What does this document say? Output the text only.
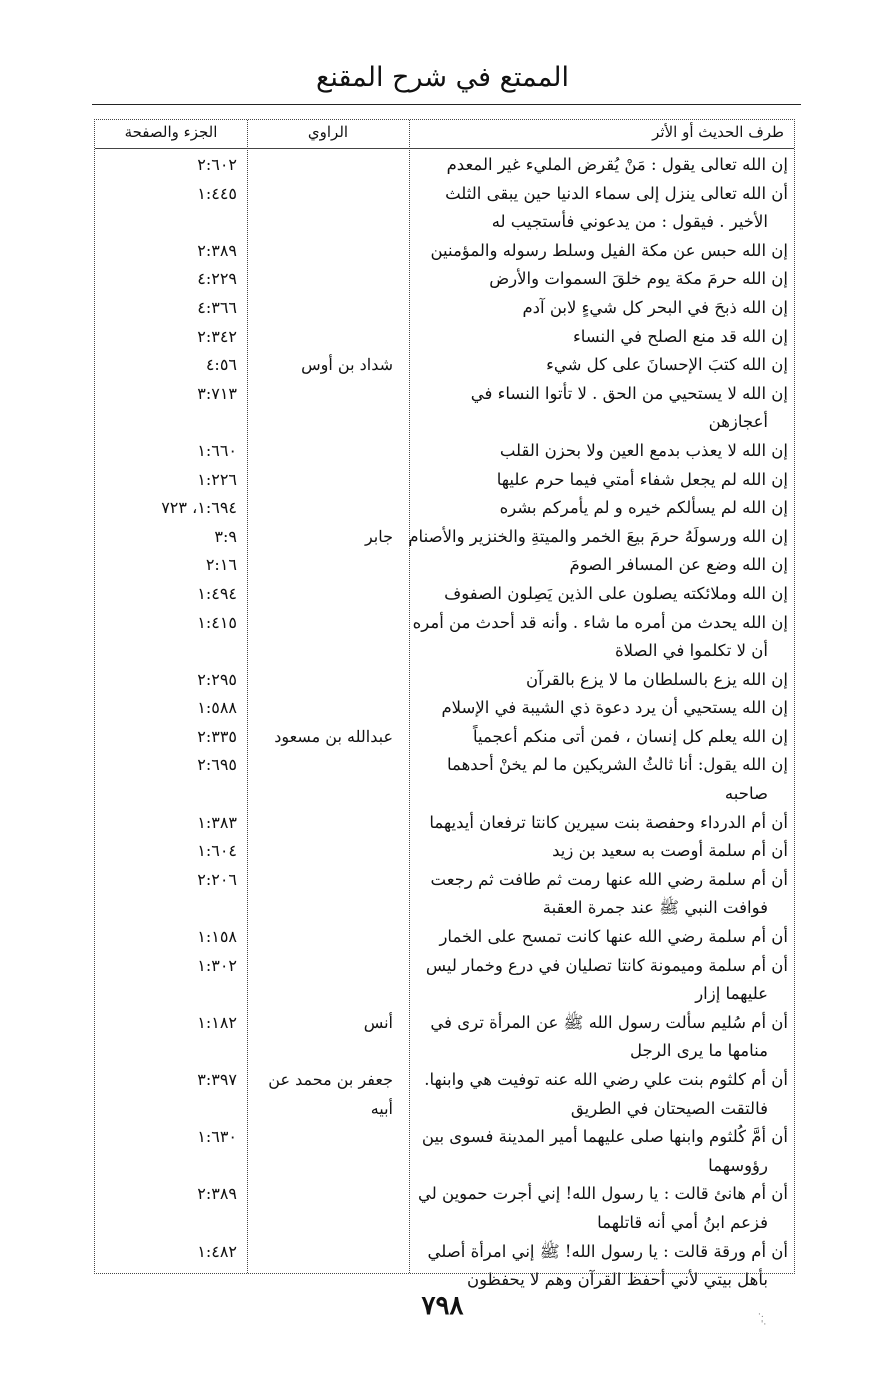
الممتع في شرح المقنع
طرف الحديث أو الأثر
الراوي
الجزء والصفحة
إن الله تعالى يقول : مَنْ يُقرض المليء غير المعدم
٢:٦٠٢
أن الله تعالى ينزل إلى سماء الدنيا حين يبقى الثلث
الأخير . فيقول : من يدعوني فأستجيب له
١:٤٤٥
إن الله حبس عن مكة الفيل وسلط رسوله والمؤمنين
٢:٣٨٩
إن الله حرمَ مكة يوم خلقَ السموات والأرض
٤:٢٢٩
إن الله ذبحَ في البحر كل شيءٍ لابن آدم
٤:٣٦٦
إن الله قد منع الصلح في النساء
٢:٣٤٢
إن الله كتبَ الإحسانَ على كل شيء
شداد بن أوس
٤:٥٦
إن الله لا يستحيي من الحق . لا تأتوا النساء في
أعجازهن
٣:٧١٣
إن الله لا يعذب بدمع العين ولا بحزن القلب
١:٦٦٠
إن الله لم يجعل شفاء أمتي فيما حرم عليها
١:٢٢٦
إن الله لم يسألكم خيره و لم يأمركم بشره
١:٦٩٤، ٧٢٣
إن الله ورسولَهُ حرمَ بيعَ الخمر والميتةِ والخنزير والأصنام
جابر
٣:٩
إن الله وضع عن المسافر الصومَ
٢:١٦
إن الله وملائكته يصلون على الذين يَصِلون الصفوف
١:٤٩٤
إن الله يحدث من أمره ما شاء . وأنه قد أحدث من أمره
أن لا تكلموا في الصلاة
١:٤١٥
إن الله يزع بالسلطان ما لا يزع بالقرآن
٢:٢٩٥
إن الله يستحيي أن يرد دعوة ذي الشيبة في الإسلام
١:٥٨٨
إن الله يعلم كل إنسان ، فمن أتى منكم أعجمياً
عبدالله بن مسعود
٢:٣٣٥
إن الله يقول: أنا ثالثُ الشريكين ما لم يخنْ أحدهما
صاحبه
٢:٦٩٥
أن أم الدرداء وحفصة بنت سيرين كانتا ترفعان أيديهما
١:٣٨٣
أن أم سلمة أوصت به سعيد بن زيد
١:٦٠٤
أن أم سلمة رضي الله عنها رمت ثم طافت ثم رجعت
فوافت النبي ﷺ عند جمرة العقبة
٢:٢٠٦
أن أم سلمة رضي الله عنها كانت تمسح على الخمار
١:١٥٨
أن أم سلمة وميمونة كانتا تصليان في درع وخمار ليس
عليهما إزار
١:٣٠٢
أن أم سُليم سألت رسول الله ﷺ عن المرأة ترى في
منامها ما يرى الرجل
أنس
١:١٨٢
أن أم كلثوم بنت علي رضي الله عنه توفيت هي وابنها.
فالتقت الصيحتان في الطريق
جعفر بن محمد عن أبيه
٣:٣٩٧
أن أمَّ كُلثوم وابنها صلى عليهما أمير المدينة فسوى بين
رؤوسهما
١:٦٣٠
أن أم هانئ قالت : يا رسول الله! إني أجرت حموين لي
فزعم ابنُ أمي أنه قاتلهما
٢:٣٨٩
أن أم ورقة قالت : يا رسول الله! ﷺ إني امرأة أصلي
بأهل بيتي لأني أحفظ القرآن وهم لا يحفظون
١:٤٨٢
٧٩٨	·.
'·
